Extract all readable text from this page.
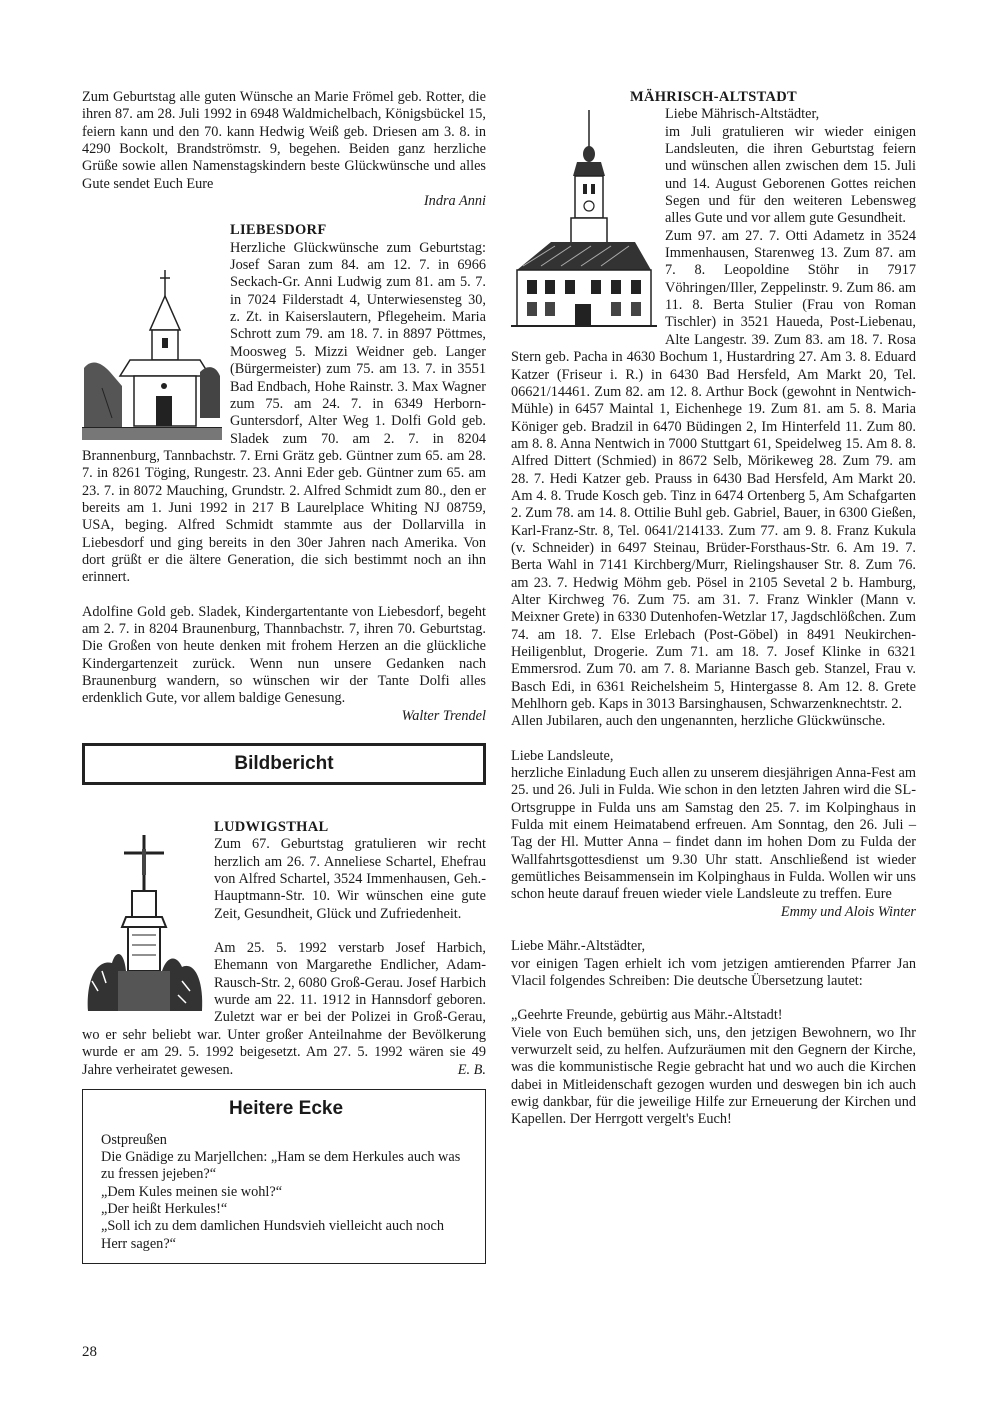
Zum Geburtstag alle guten Wünsche an Marie Frömel geb. Rotter, die ihren 87. am 28. Juli 1992 in 6948 Waldmichelbach, Königsbückel 15, feiern kann und den 70. kann Hedwig Weiß geb. Driesen am 3. 8. in 4290 Bockolt, Brandströmstr. 9, begehen. Beiden ganz herzliche Grüße sowie allen Namenstagskindern beste Glückwünsche und alles Gute sendet Euch Eure

Indra Anni

LIEBESDORF

Herzliche Glückwünsche zum Geburtstag: Josef Saran zum 84. am 12. 7. in 6966 Seckach-Gr. Anni Ludwig zum 81. am 5. 7. in 7024 Filderstadt 4, Unterwiesensteg 30, z. Zt. in Kaiserslautern, Pflegeheim. Maria Schrott zum 79. am 18. 7. in 8897 Pöttmes, Moosweg 5. Mizzi Weidner geb. Langer (Bürgermeister) zum 75. am 13. 7. in 3551 Bad Endbach, Hohe Rainstr. 3. Max Wagner zum 75. am 24. 7. in 6349 Herborn-Guntersdorf, Alter Weg 1. Dolfi Gold geb. Sladek zum 70. am 2. 7. in 8204 Brannenburg, Tannbachstr. 7. Erni Grätz geb. Güntner zum 65. am 28. 7. in 8261 Töging, Rungestr. 23. Anni Eder geb. Güntner zum 65. am 23. 7. in 8072 Mauching, Grundstr. 2. Alfred Schmidt zum 80., den er bereits am 1. Juni 1992 in 217 B Laurelplace Whiting NJ 08759, USA, beging. Alfred Schmidt stammte aus der Dollarvilla in Liebesdorf und ging bereits in den 30er Jahren nach Amerika. Von dort grüßt er die ältere Generation, die sich bestimmt noch an ihn erinnert.

Adolfine Gold geb. Sladek, Kindergartentante von Liebesdorf, begeht am 2. 7. in 8204 Braunenburg, Thannbachstr. 7, ihren 70. Geburtstag. Die Großen von heute denken mit frohem Herzen an die glückliche Kindergartenzeit zurück. Wenn nun unsere Gedanken nach Braunenburg wandern, so wünschen wir der Tante Dolfi alles erdenklich Gute, vor allem baldige Genesung.

Walter Trendel

Bildbericht

LUDWIGSTHAL

Zum 67. Geburtstag gratulieren wir recht herzlich am 26. 7. Anneliese Schartel, Ehefrau von Alfred Schartel, 3524 Immenhausen, Geh.-Hauptmann-Str. 10. Wir wünschen eine gute Zeit, Gesundheit, Glück und Zufriedenheit.

Am 25. 5. 1992 verstarb Josef Harbich, Ehemann von Margarethe Endlicher, Adam-Rausch-Str. 2, 6080 Groß-Gerau. Josef Harbich wurde am 22. 11. 1912 in Hannsdorf geboren. Zuletzt war er bei der Polizei in Groß-Gerau, wo er sehr beliebt war. Unter großer Anteilnahme der Bevölkerung wurde er am 29. 5. 1992 beigesetzt. Am 27. 5. 1992 wären sie 49 Jahre verheiratet gewesen.	E. B.

Heitere Ecke

Ostpreußen

Die Gnädige zu Marjellchen: „Ham se dem Herkules auch was zu fressen jejeben?“

„Dem Kules meinen sie wohl?“

„Der heißt Herkules!“

„Soll ich zu dem damlichen Hundsvieh vielleicht auch noch Herr sagen?“

MÄHRISCH-ALTSTADT

Liebe Mährisch-Altstädter,

im Juli gratulieren wir wieder einigen Landsleuten, die ihren Geburtstag feiern und wünschen allen zwischen dem 15. Juli und 14. August Geborenen Gottes reichen Segen und für den weiteren Lebensweg alles Gute und vor allem gute Gesundheit.

Zum 97. am 27. 7. Otti Adametz in 3524 Immenhausen, Starenweg 13. Zum 87. am 7. 8. Leopoldine Stöhr in 7917 Vöhringen/Iller, Zeppelinstr. 9. Zum 86. am 11. 8. Berta Stulier (Frau von Roman Tischler) in 3521 Haueda, Post-Liebenau, Alte Langestr. 39. Zum 83. am 18. 7. Rosa Stern geb. Pacha in 4630 Bochum 1, Hustardring 27. Am 3. 8. Eduard Katzer (Friseur i. R.) in 6430 Bad Hersfeld, Am Markt 20, Tel. 06621/14461. Zum 82. am 12. 8. Arthur Bock (gewohnt in Nentwich-Mühle) in 6457 Maintal 1, Eichenhege 19. Zum 81. am 5. 8. Maria Königer geb. Bradzil in 6470 Büdingen 2, Im Hinterfeld 11. Zum 80. am 8. 8. Anna Nentwich in 7000 Stuttgart 61, Speidelweg 15. Am 8. 8. Alfred Dittert (Schmied) in 8672 Selb, Mörikeweg 28. Zum 79. am 28. 7. Hedi Katzer geb. Prauss in 6430 Bad Hersfeld, Am Markt 20. Am 4. 8. Trude Kosch geb. Tinz in 6474 Ortenberg 5, Am Schafgarten 2. Zum 78. am 14. 8. Ottilie Buhl geb. Gabriel, Bauer, in 6300 Gießen, Karl-Franz-Str. 8, Tel. 0641/214133. Zum 77. am 9. 8. Franz Kukula (v. Schneider) in 6497 Steinau, Brüder-Forsthaus-Str. 6. Am 19. 7. Berta Wahl in 7141 Kirchberg/Murr, Rielingshauser Str. 8. Zum 76. am 23. 7. Hedwig Möhm geb. Pösel in 2105 Sevetal 2 b. Hamburg, Alter Kirchweg 76. Zum 75. am 31. 7. Franz Winkler (Mann v. Meixner Grete) in 6330 Dutenhofen-Wetzlar 17, Jagdschlößchen. Zum 74. am 18. 7. Else Erlebach (Post-Göbel) in 8491 Neukirchen-Heiligenblut, Drogerie. Zum 71. am 18. 7. Josef Klinke in 6321 Emmersrod. Zum 70. am 7. 8. Marianne Basch geb. Stanzel, Frau v. Basch Edi, in 6361 Reichelsheim 5, Hintergasse 8. Am 12. 8. Grete Mehlhorn geb. Kaps in 3013 Barsinghausen, Schwarzenknechtstr. 2.

Allen Jubilaren, auch den ungenannten, herzliche Glückwünsche.

Liebe Landsleute,

herzliche Einladung Euch allen zu unserem diesjährigen Anna-Fest am 25. und 26. Juli in Fulda. Wie schon in den letzten Jahren wird die SL-Ortsgruppe in Fulda uns am Samstag den 25. 7. im Kolpinghaus in Fulda mit einem Heimatabend erfreuen. Am Sonntag, den 26. Juli – Tag der Hl. Mutter Anna – findet dann im hohen Dom zu Fulda der Wallfahrtsgottesdienst um 9.30 Uhr statt. Anschließend ist wieder gemütliches Beisammensein im Kolpinghaus in Fulda. Wollen wir uns schon heute darauf freuen wieder viele Landsleute zu treffen. Eure

Emmy und Alois Winter

Liebe Mähr.-Altstädter,

vor einigen Tagen erhielt ich vom jetzigen amtierenden Pfarrer Jan Vlacil folgendes Schreiben: Die deutsche Übersetzung lautet:

„Geehrte Freunde, gebürtig aus Mähr.-Altstadt!

Viele von Euch bemühen sich, uns, den jetzigen Bewohnern, wo Ihr verwurzelt seid, zu helfen. Aufzuräumen mit den Gegnern der Kirche, was die kommunistische Regie gebracht hat und wo auch die Kirchen dabei in Mitleidenschaft gezogen wurden und deswegen bin ich auch ewig dankbar, für die jeweilige Hilfe zur Erneuerung der Kirchen und Kapellen. Der Herrgott vergelt's Euch!

28
